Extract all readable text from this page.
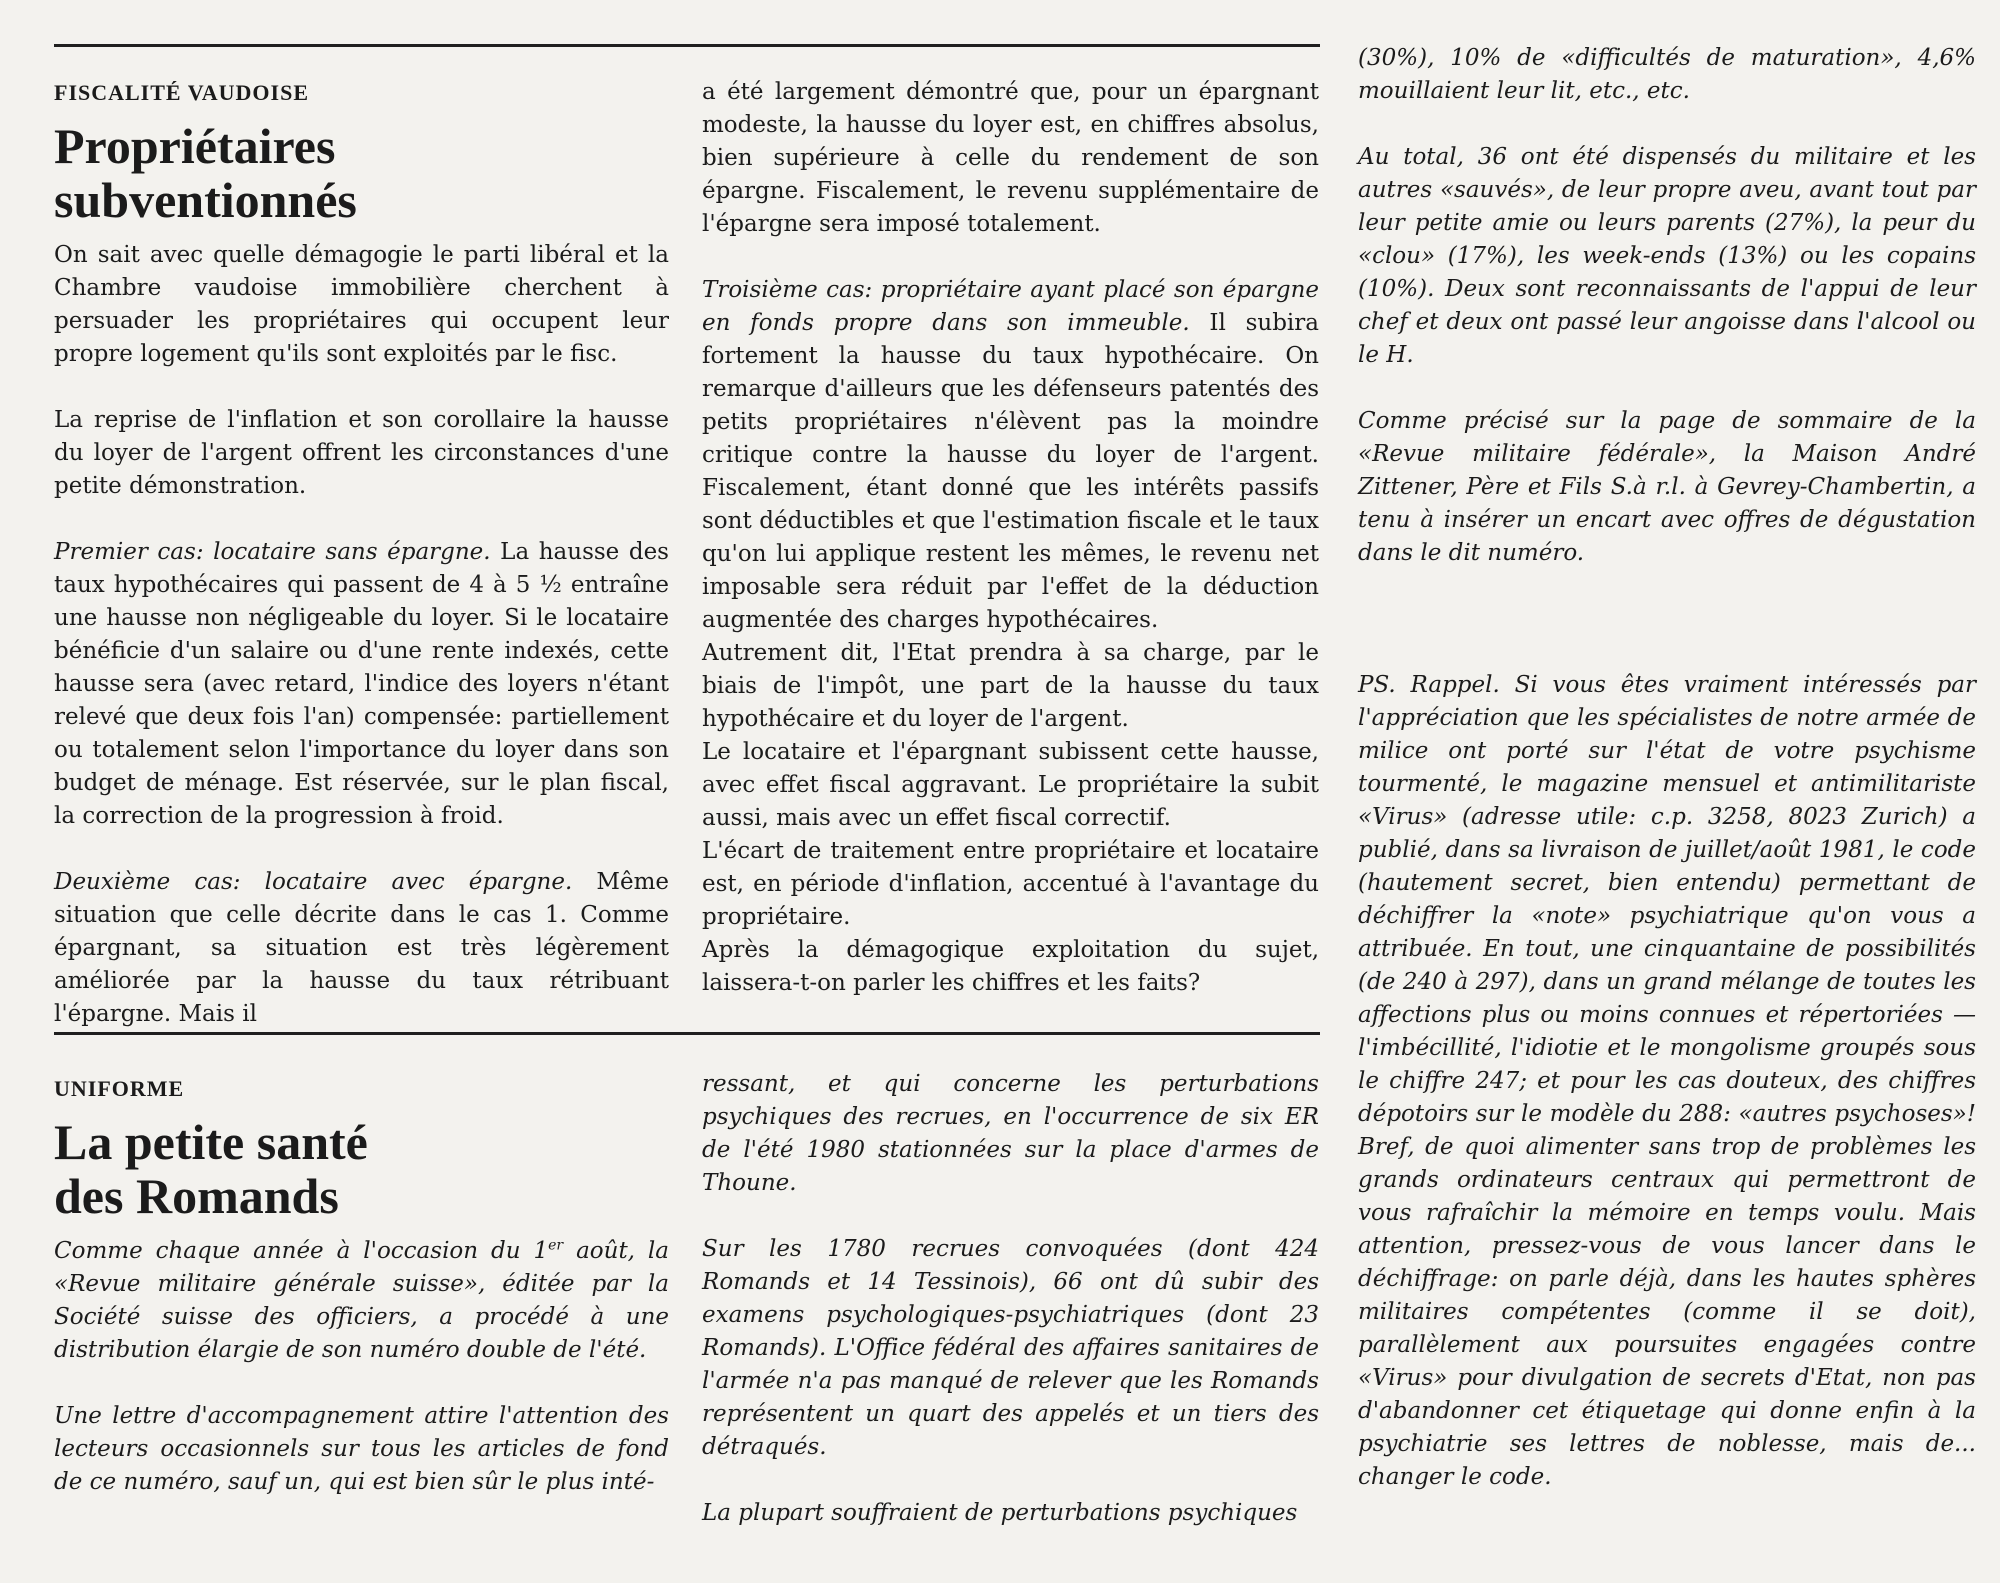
FISCALITÉ VAUDOISE
Propriétaires
subventionnés

On sait avec quelle démagogie le parti libéral et la Chambre vaudoise immobilière cherchent à persuader les propriétaires qui occupent leur propre logement qu'ils sont exploités par le fisc.

La reprise de l'inflation et son corollaire la hausse du loyer de l'argent offrent les circonstances d'une petite démonstration.

Premier cas: locataire sans épargne. La hausse des taux hypothécaires qui passent de 4 à 5 ½ entraîne une hausse non négligeable du loyer. Si le locataire bénéficie d'un salaire ou d'une rente indexés, cette hausse sera (avec retard, l'indice des loyers n'étant relevé que deux fois l'an) compensée: partiellement ou totalement selon l'importance du loyer dans son budget de ménage. Est réservée, sur le plan fiscal, la correction de la progression à froid.

Deuxième cas: locataire avec épargne. Même situation que celle décrite dans le cas 1. Comme épargnant, sa situation est très légèrement améliorée par la hausse du taux rétribuant l'épargne. Mais il

a été largement démontré que, pour un épargnant modeste, la hausse du loyer est, en chiffres absolus, bien supérieure à celle du rendement de son épargne. Fiscalement, le revenu supplémentaire de l'épargne sera imposé totalement.

Troisième cas: propriétaire ayant placé son épargne en fonds propre dans son immeuble. Il subira fortement la hausse du taux hypothécaire. On remarque d'ailleurs que les défenseurs patentés des petits propriétaires n'élèvent pas la moindre critique contre la hausse du loyer de l'argent. Fiscalement, étant donné que les intérêts passifs sont déductibles et que l'estimation fiscale et le taux qu'on lui applique restent les mêmes, le revenu net imposable sera réduit par l'effet de la déduction augmentée des charges hypothécaires.

Autrement dit, l'Etat prendra à sa charge, par le biais de l'impôt, une part de la hausse du taux hypothécaire et du loyer de l'argent.

Le locataire et l'épargnant subissent cette hausse, avec effet fiscal aggravant. Le propriétaire la subit aussi, mais avec un effet fiscal correctif.

L'écart de traitement entre propriétaire et locataire est, en période d'inflation, accentué à l'avantage du propriétaire.

Après la démagogique exploitation du sujet, laissera-t-on parler les chiffres et les faits?

UNIFORME
La petite santé
des Romands

Comme chaque année à l'occasion du 1er août, la «Revue militaire générale suisse», éditée par la Société suisse des officiers, a procédé à une distribution élargie de son numéro double de l'été.

Une lettre d'accompagnement attire l'attention des lecteurs occasionnels sur tous les articles de fond de ce numéro, sauf un, qui est bien sûr le plus inté-

ressant, et qui concerne les perturbations psychiques des recrues, en l'occurrence de six ER de l'été 1980 stationnées sur la place d'armes de Thoune.

Sur les 1780 recrues convoquées (dont 424 Romands et 14 Tessinois), 66 ont dû subir des examens psychologiques-psychiatriques (dont 23 Romands). L'Office fédéral des affaires sanitaires de l'armée n'a pas manqué de relever que les Romands représentent un quart des appelés et un tiers des détraqués.

La plupart souffraient de perturbations psychiques

(30%), 10% de «difficultés de maturation», 4,6% mouillaient leur lit, etc., etc.

Au total, 36 ont été dispensés du militaire et les autres «sauvés», de leur propre aveu, avant tout par leur petite amie ou leurs parents (27%), la peur du «clou» (17%), les week-ends (13%) ou les copains (10%). Deux sont reconnaissants de l'appui de leur chef et deux ont passé leur angoisse dans l'alcool ou le H.

Comme précisé sur la page de sommaire de la «Revue militaire fédérale», la Maison André Zittener, Père et Fils S.à r.l. à Gevrey-Chambertin, a tenu à insérer un encart avec offres de dégustation dans le dit numéro.

PS. Rappel. Si vous êtes vraiment intéressés par l'appréciation que les spécialistes de notre armée de milice ont porté sur l'état de votre psychisme tourmenté, le magazine mensuel et antimilitariste «Virus» (adresse utile: c.p. 3258, 8023 Zurich) a publié, dans sa livraison de juillet/août 1981, le code (hautement secret, bien entendu) permettant de déchiffrer la «note» psychiatrique qu'on vous a attribuée. En tout, une cinquantaine de possibilités (de 240 à 297), dans un grand mélange de toutes les affections plus ou moins connues et répertoriées — l'imbécillité, l'idiotie et le mongolisme groupés sous le chiffre 247; et pour les cas douteux, des chiffres dépotoirs sur le modèle du 288: «autres psychoses»! Bref, de quoi alimenter sans trop de problèmes les grands ordinateurs centraux qui permettront de vous rafraîchir la mémoire en temps voulu. Mais attention, pressez-vous de vous lancer dans le déchiffrage: on parle déjà, dans les hautes sphères militaires compétentes (comme il se doit), parallèlement aux poursuites engagées contre «Virus» pour divulgation de secrets d'Etat, non pas d'abandonner cet étiquetage qui donne enfin à la psychiatrie ses lettres de noblesse, mais de... changer le code.
